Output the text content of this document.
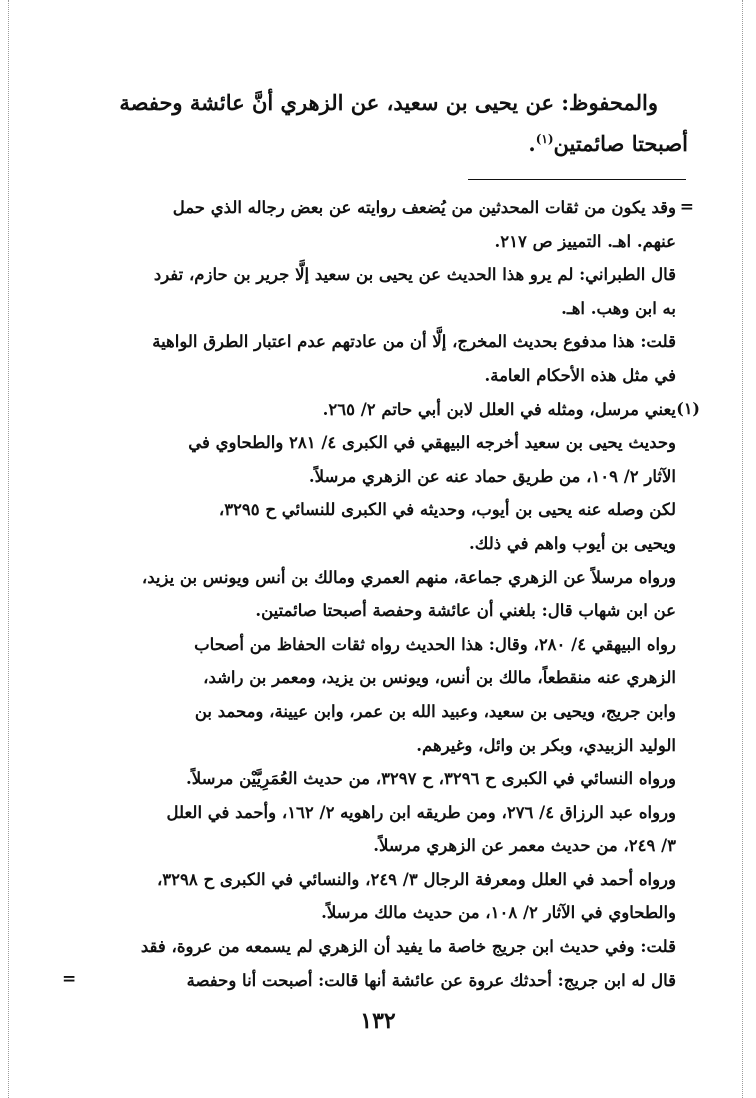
والمحفوظ: عن يحيى بن سعيد، عن الزهري أنَّ عائشة وحفصة

أصبحتا صائمتين$^{(١)}$.

=

وقد يكون من ثقات المحدثين من يُضعف روايته عن بعض رجاله الذي حمل

عنهم. اهـ. التمييز ص ٢١٧.

قال الطبراني: لم يرو هذا الحديث عن يحيى بن سعيد إلَّا جرير بن حازم، تفرد

به ابن وهب. اهـ.

قلت: هذا مدفوع بحديث المخرج، إلَّا أن من عادتهم عدم اعتبار الطرق الواهية

في مثل هذه الأحكام العامة.

(١)

يعني مرسل، ومثله في العلل لابن أبي حاتم ٢/ ٢٦٥.

وحديث يحيى بن سعيد أخرجه البيهقي في الكبرى ٤/ ٢٨١ والطحاوي في

الآثار ٢/ ١٠٩، من طريق حماد عنه عن الزهري مرسلاً.

لكن وصله عنه يحيى بن أيوب، وحديثه في الكبرى للنسائي ح ٣٢٩٥،

ويحيى بن أيوب واهم في ذلك.

ورواه مرسلاً عن الزهري جماعة، منهم العمري ومالك بن أنس ويونس بن يزيد،

عن ابن شهاب قال: بلغني أن عائشة وحفصة أصبحتا صائمتين.

رواه البيهقي ٤/ ٢٨٠، وقال: هذا الحديث رواه ثقات الحفاظ من أصحاب

الزهري عنه منقطعاً، مالك بن أنس، ويونس بن يزيد، ومعمر بن راشد،

وابن جريج، ويحيى بن سعيد، وعبيد الله بن عمر، وابن عيينة، ومحمد بن

الوليد الزبيدي، وبكر بن وائل، وغيرهم.

ورواه النسائي في الكبرى ح ٣٢٩٦، ح ٣٢٩٧، من حديث العُمَرِيَّيْن مرسلاً.

ورواه عبد الرزاق ٤/ ٢٧٦، ومن طريقه ابن راهويه ٢/ ١٦٢، وأحمد في العلل

٣/ ٢٤٩، من حديث معمر عن الزهري مرسلاً.

ورواه أحمد في العلل ومعرفة الرجال ٣/ ٢٤٩، والنسائي في الكبرى ح ٣٢٩٨،

والطحاوي في الآثار ٢/ ١٠٨، من حديث مالك مرسلاً.

قلت: وفي حديث ابن جريج خاصة ما يفيد أن الزهري لم يسمعه من عروة، فقد

قال له ابن جريج: أحدثك عروة عن عائشة أنها قالت: أصبحت أنا وحفصة

=
١٣٢
